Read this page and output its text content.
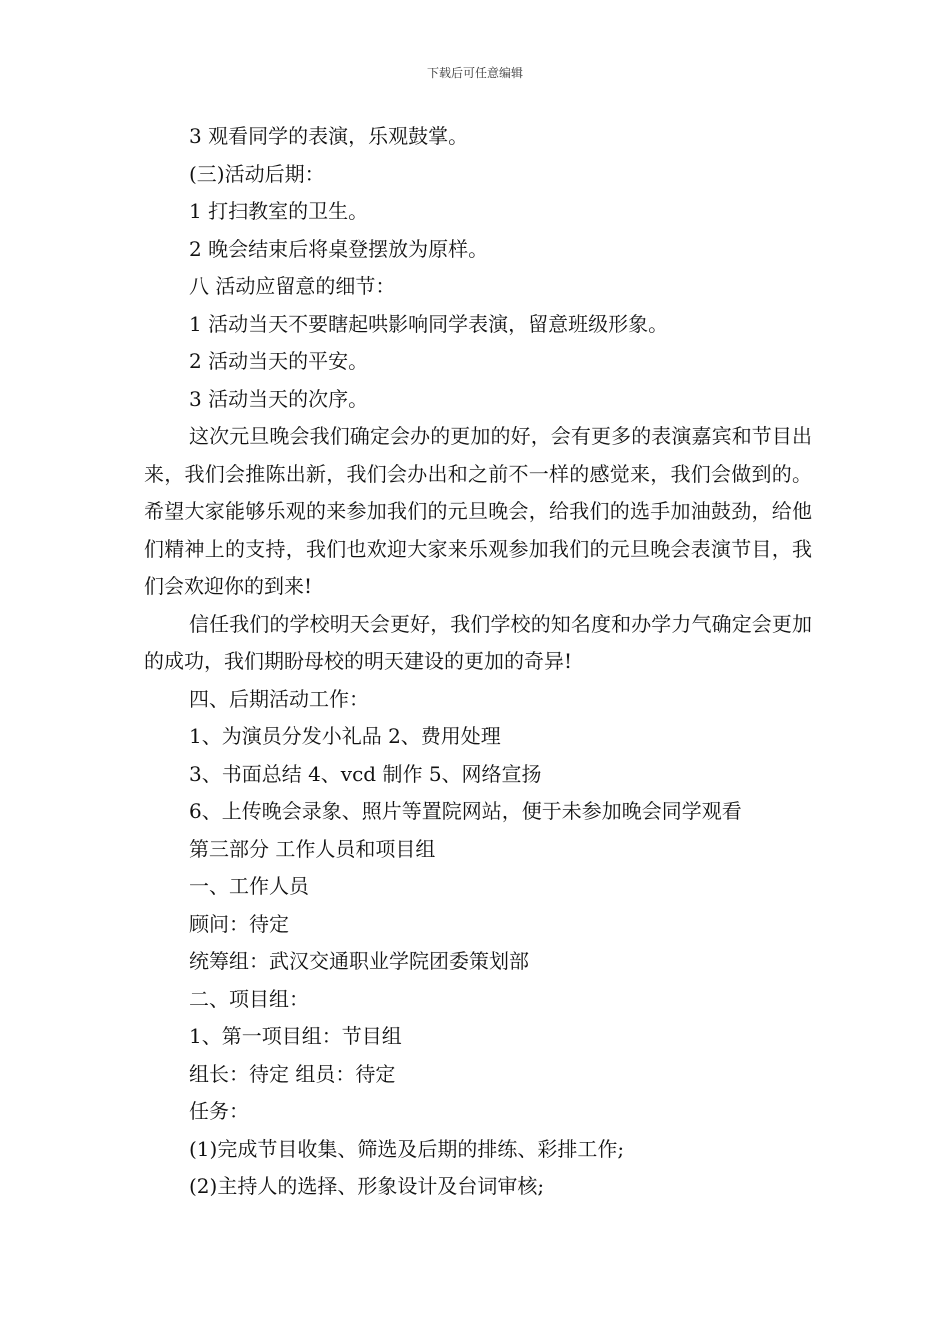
下载后可任意编辑
3 观看同学的表演，乐观鼓掌。
(三)活动后期：
1 打扫教室的卫生。
2 晚会结束后将桌登摆放为原样。
八 活动应留意的细节：
1 活动当天不要瞎起哄影响同学表演，留意班级形象。
2 活动当天的平安。
3 活动当天的次序。

这次元旦晚会我们确定会办的更加的好，会有更多的表演嘉宾和节目出来，我们会推陈出新，我们会办出和之前不一样的感觉来，我们会做到的。希望大家能够乐观的来参加我们的元旦晚会，给我们的选手加油鼓劲，给他们精神上的支持，我们也欢迎大家来乐观参加我们的元旦晚会表演节目，我们会欢迎你的到来!

信任我们的学校明天会更好，我们学校的知名度和办学力气确定会更加的成功，我们期盼母校的明天建设的更加的奇异!

四、后期活动工作：
1、为演员分发小礼品 2、费用处理
3、书面总结 4、vcd 制作 5、网络宣扬
6、上传晚会录象、照片等置院网站，便于未参加晚会同学观看
第三部分 工作人员和项目组
一、工作人员
顾问：待定
统筹组：武汉交通职业学院团委策划部
二、项目组：
1、第一项目组：节目组
组长：待定 组员：待定
任务：
(1)完成节目收集、筛选及后期的排练、彩排工作;
(2)主持人的选择、形象设计及台词审核;
